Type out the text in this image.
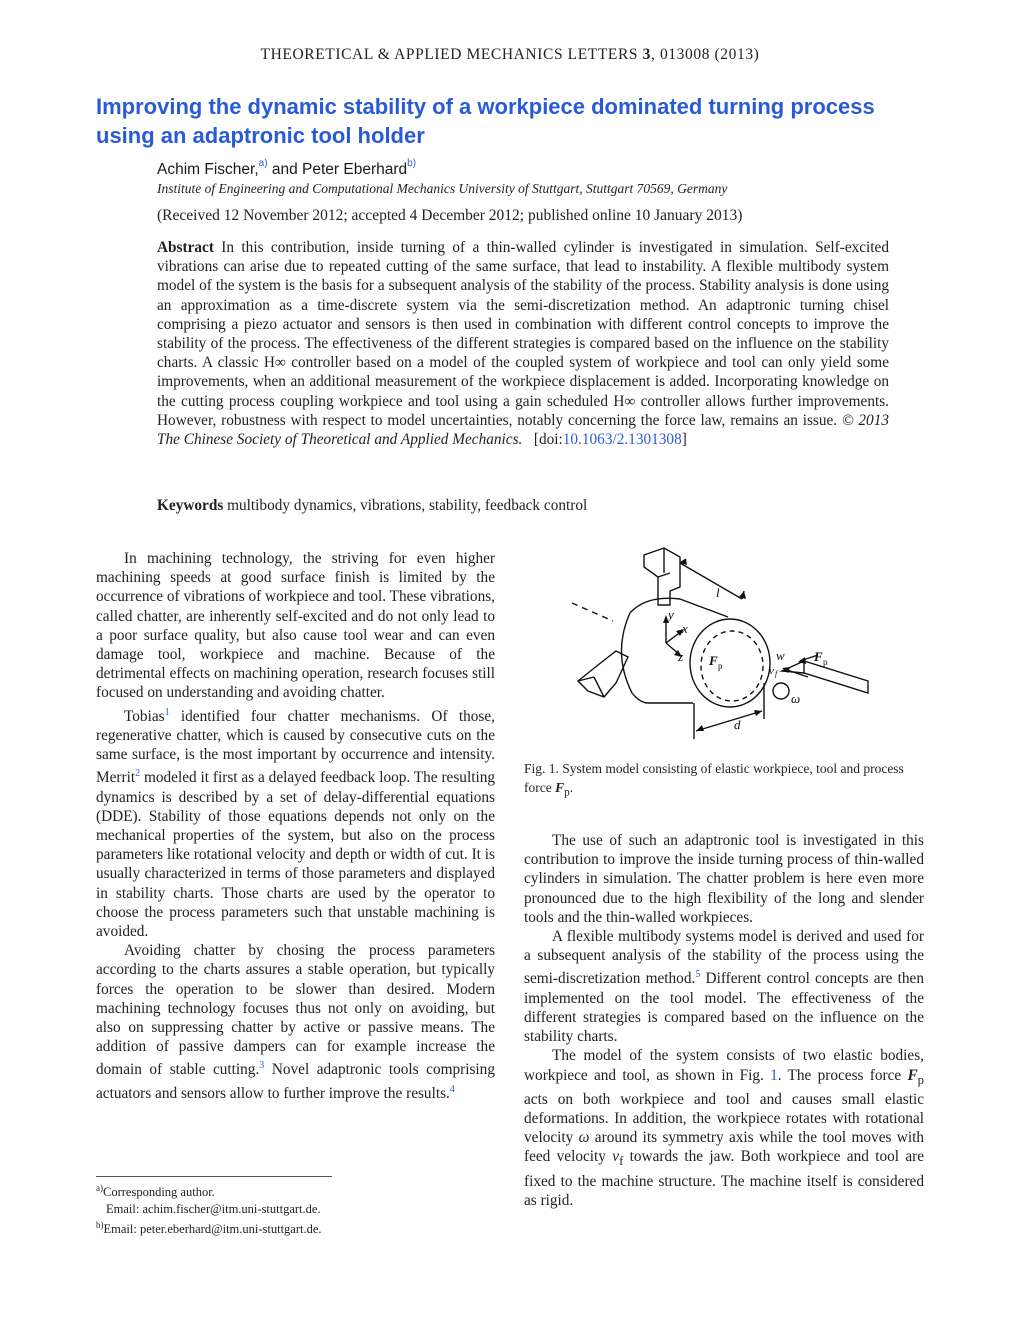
THEORETICAL & APPLIED MECHANICS LETTERS 3, 013008 (2013)
Improving the dynamic stability of a workpiece dominated turning process using an adaptronic tool holder
Achim Fischer,$^{a)}$ and Peter Eberhard$^{b)}$
Institute of Engineering and Computational Mechanics University of Stuttgart, Stuttgart 70569, Germany
(Received 12 November 2012; accepted 4 December 2012; published online 10 January 2013)
Abstract In this contribution, inside turning of a thin-walled cylinder is investigated in simulation. Self-excited vibrations can arise due to repeated cutting of the same surface, that lead to instability. A flexible multibody system model of the system is the basis for a subsequent analysis of the stability of the process. Stability analysis is done using an approximation as a time-discrete system via the semi-discretization method. An adaptronic turning chisel comprising a piezo actuator and sensors is then used in combination with different control concepts to improve the stability of the process. The effectiveness of the different strategies is compared based on the influence on the stability charts. A classic H∞ controller based on a model of the coupled system of workpiece and tool can only yield some improvements, when an additional measurement of the workpiece displacement is added. Incorporating knowledge on the cutting process coupling workpiece and tool using a gain scheduled H∞ controller allows further improvements. However, robustness with respect to model uncertainties, notably concerning the force law, remains an issue. © 2013 The Chinese Society of Theoretical and Applied Mechanics. [doi:10.1063/2.1301308]
Keywords multibody dynamics, vibrations, stability, feedback control

In machining technology, the striving for even higher machining speeds at good surface finish is limited by the occurrence of vibrations of workpiece and tool. These vibrations, called chatter, are inherently self-excited and do not only lead to a poor surface quality, but also cause tool wear and can even damage tool, workpiece and machine. Because of the detrimental effects on machining operation, research focuses still focused on understanding and avoiding chatter.

Tobias$^1$ identified four chatter mechanisms. Of those, regenerative chatter, which is caused by consecutive cuts on the same surface, is the most important by occurrence and intensity. Merrit$^2$ modeled it first as a delayed feedback loop. The resulting dynamics is described by a set of delay-differential equations (DDE). Stability of those equations depends not only on the mechanical properties of the system, but also on the process parameters like rotational velocity and depth or width of cut. It is usually characterized in terms of those parameters and displayed in stability charts. Those charts are used by the operator to choose the process parameters such that unstable machining is avoided.

Avoiding chatter by chosing the process parameters according to the charts assures a stable operation, but typically forces the operation to be slower than desired. Modern machining technology focuses thus not only on avoiding, but also on suppressing chatter by active or passive means. The addition of passive dampers can for example increase the domain of stable cutting.$^3$ Novel adaptronic tools comprising actuators and sensors allow to further improve the results.$^4$

$^{a)}$Corresponding author.
Email: achim.fischer@itm.uni-stuttgart.de.
$^{b)}$Email: peter.eberhard@itm.uni-stuttgart.de.
l
y
x
z F p
w F p
v f
ω
d
Fig. 1. System model consisting of elastic workpiece, tool and process force $F_p$.

The use of such an adaptronic tool is investigated in this contribution to improve the inside turning process of thin-walled cylinders in simulation. The chatter problem is here even more pronounced due to the high flexibility of the long and slender tools and the thin-walled workpieces.

A flexible multibody systems model is derived and used for a subsequent analysis of the stability of the process using the semi-discretization method.$^5$ Different control concepts are then implemented on the tool model. The effectiveness of the different strategies is compared based on the influence on the stability charts.

The model of the system consists of two elastic bodies, workpiece and tool, as shown in Fig. 1. The process force $F_p$ acts on both workpiece and tool and causes small elastic deformations. In addition, the workpiece rotates with rotational velocity ω around its symmetry axis while the tool moves with feed velocity $v_f$ towards the jaw. Both workpiece and tool are fixed to the machine structure. The machine itself is considered as rigid.
